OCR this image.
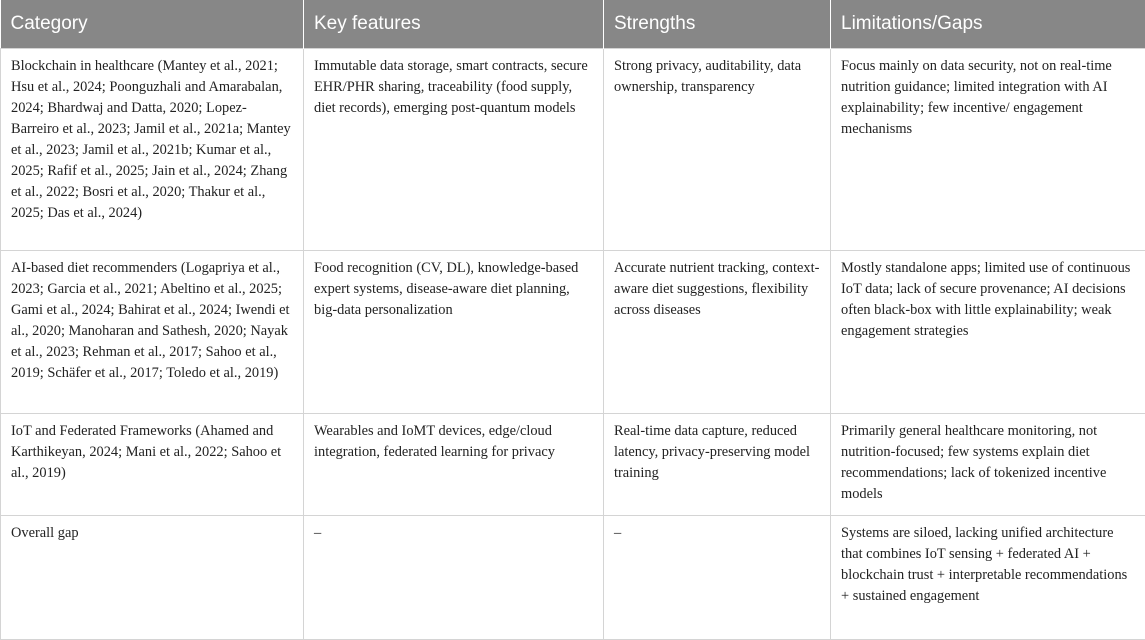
Category	Key features	Strengths	Limitations/Gaps
Blockchain in healthcare (Mantey et al., 2021; Hsu et al., 2024; Poonguzhali and Amarabalan, 2024; Bhardwaj and Datta, 2020; Lopez-Barreiro et al., 2023; Jamil et al., 2021a; Mantey et al., 2023; Jamil et al., 2021b; Kumar et al., 2025; Rafif et al., 2025; Jain et al., 2024; Zhang et al., 2022; Bosri et al., 2020; Thakur et al., 2025; Das et al., 2024)	Immutable data storage, smart contracts, secure EHR/PHR sharing, traceability (food supply, diet records), emerging post-quantum models	Strong privacy, auditability, data ownership, transparency	Focus mainly on data security, not on real-time nutrition guidance; limited integration with AI explainability; few incentive/ engagement mechanisms
AI-based diet recommenders (Logapriya et al., 2023; Garcia et al., 2021; Abeltino et al., 2025; Gami et al., 2024; Bahirat et al., 2024; Iwendi et al., 2020; Manoharan and Sathesh, 2020; Nayak et al., 2023; Rehman et al., 2017; Sahoo et al., 2019; Schäfer et al., 2017; Toledo et al., 2019)	Food recognition (CV, DL), knowledge-based expert systems, disease-aware diet planning, big-data personalization	Accurate nutrient tracking, context-aware diet suggestions, flexibility across diseases	Mostly standalone apps; limited use of continuous IoT data; lack of secure provenance; AI decisions often black-box with little explainability; weak engagement strategies
IoT and Federated Frameworks (Ahamed and Karthikeyan, 2024; Mani et al., 2022; Sahoo et al., 2019)	Wearables and IoMT devices, edge/cloud integration, federated learning for privacy	Real-time data capture, reduced latency, privacy-preserving model training	Primarily general healthcare monitoring, not nutrition-focused; few systems explain diet recommendations; lack of tokenized incentive models
Overall gap	–	–	Systems are siloed, lacking unified architecture that combines IoT sensing + federated AI + blockchain trust + interpretable recommendations + sustained engagement
